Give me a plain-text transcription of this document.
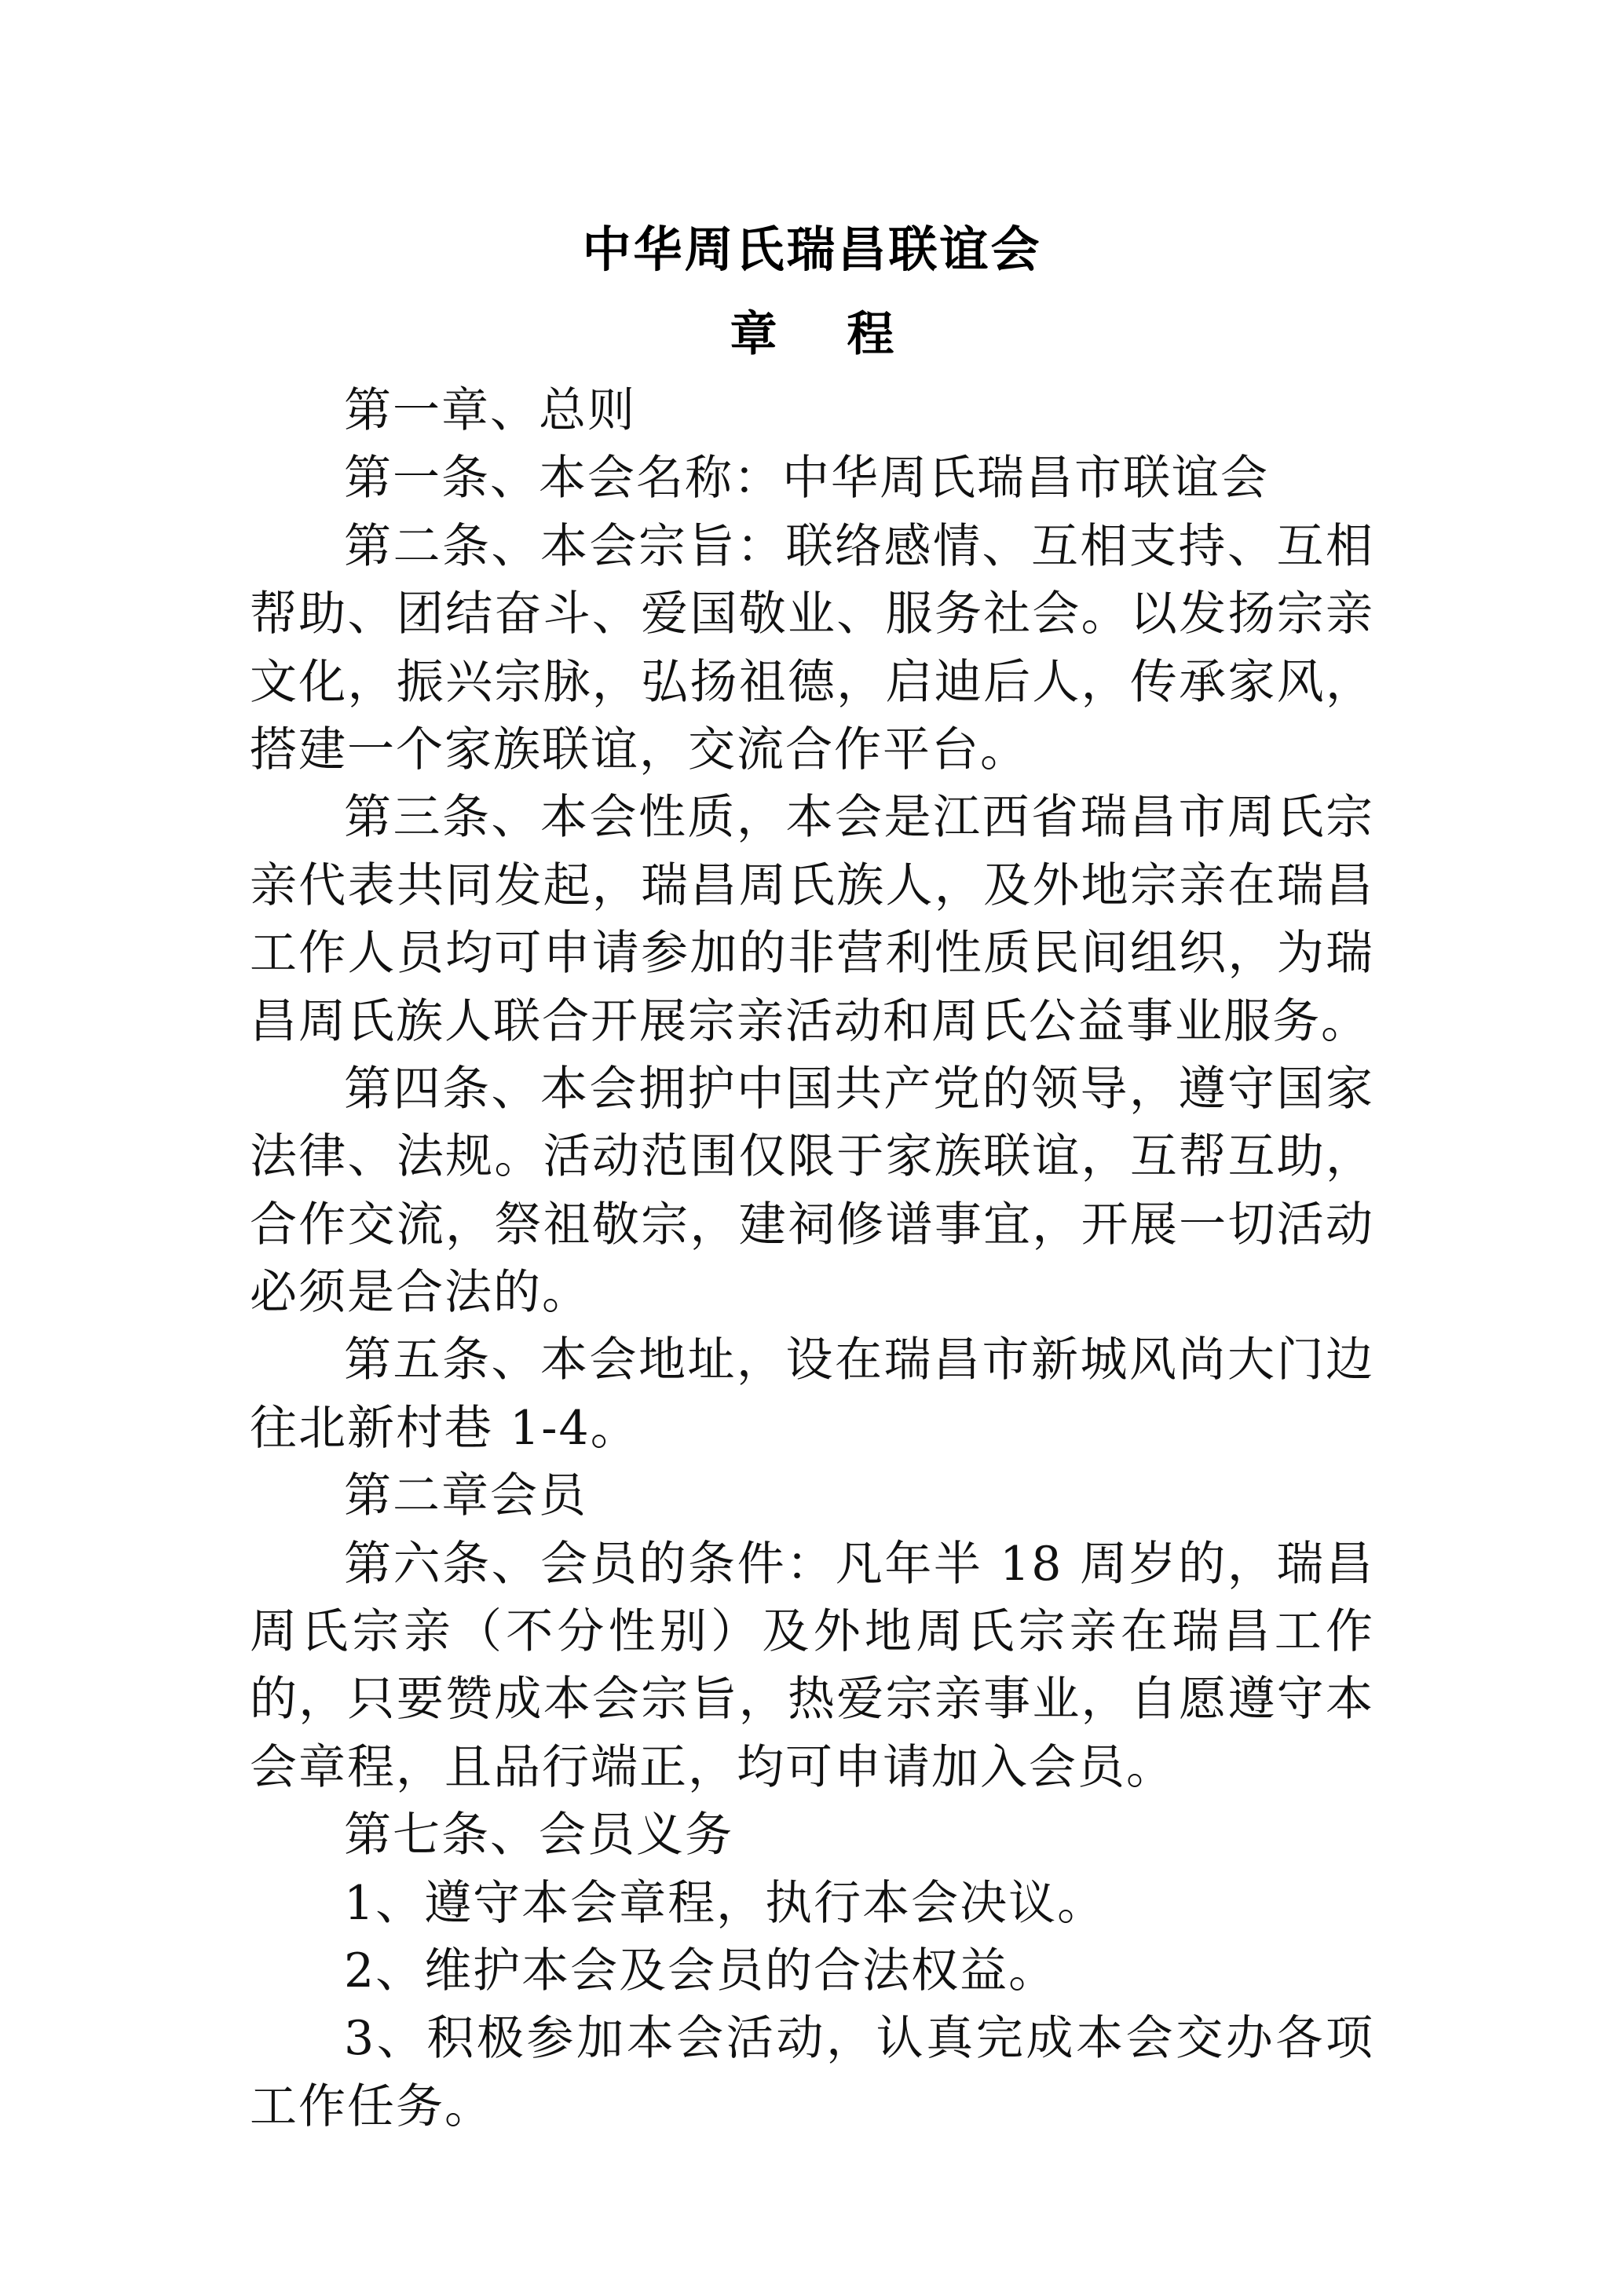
中华周氏瑞昌联谊会
章 程

第一章、总则

第一条、本会名称：中华周氏瑞昌市联谊会

第二条、本会宗旨：联络感情、互相支持、互相帮助、团结奋斗、爱国敬业、服务社会。以发扬宗亲文化，振兴宗脉，弘扬祖德，启迪后人，传承家风，搭建一个家族联谊，交流合作平台。

第三条、本会性质，本会是江西省瑞昌市周氏宗亲代表共同发起，瑞昌周氏族人，及外地宗亲在瑞昌工作人员均可申请参加的非营利性质民间组织，为瑞昌周氏族人联合开展宗亲活动和周氏公益事业服务。

第四条、本会拥护中国共产党的领导，遵守国家法律、法规。活动范围仅限于家族联谊，互帮互助，合作交流，祭祖敬宗，建祠修谱事宜，开展一切活动必须是合法的。

第五条、本会地址，设在瑞昌市新城风尚大门边往北新村巷 1-4。

第二章会员

第六条、会员的条件：凡年半 18 周岁的，瑞昌周氏宗亲（不分性别）及外地周氏宗亲在瑞昌工作的，只要赞成本会宗旨，热爱宗亲事业，自愿遵守本会章程，且品行端正，均可申请加入会员。

第七条、会员义务

1、遵守本会章程，执行本会决议。

2、维护本会及会员的合法权益。

3、积极参加本会活动，认真完成本会交办各项工作任务。
